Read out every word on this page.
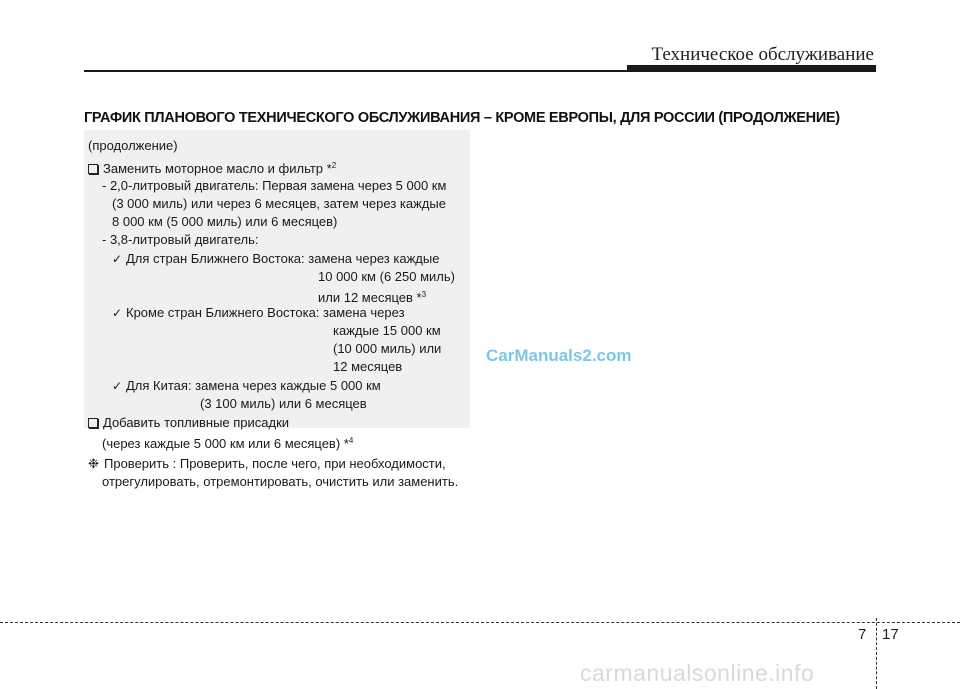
Техническое обслуживание
ГРАФИК ПЛАНОВОГО ТЕХНИЧЕСКОГО ОБСЛУЖИВАНИЯ – КРОМЕ ЕВРОПЫ, ДЛЯ РОССИИ (ПРОДОЛЖЕНИЕ)
(продолжение)
Заменить моторное масло и фильтр *$^2$
- 2,0-литровый двигатель: Первая замена через 5 000 км
(3 000 миль) или через 6 месяцев, затем через каждые
8 000 км (5 000 миль) или 6 месяцев)
- 3,8-литровый двигатель:
✓ Для стран Ближнего Востока: замена через каждые
10 000 км (6 250 миль)
или 12 месяцев *$^3$
✓ Кроме стран Ближнего Востока: замена через
каждые 15 000 км
(10 000 миль) или
12 месяцев
✓ Для Китая: замена через каждые 5 000 км
(3 100 миль) или 6 месяцев
Добавить топливные присадки
(через каждые 5 000 км или 6 месяцев) *$^4$
❉ Проверить : Проверить, после чего, при необходимости,
отрегулировать, отремонтировать, очистить или заменить.
CarManuals2.com
7 17
carmanualsonline.info
